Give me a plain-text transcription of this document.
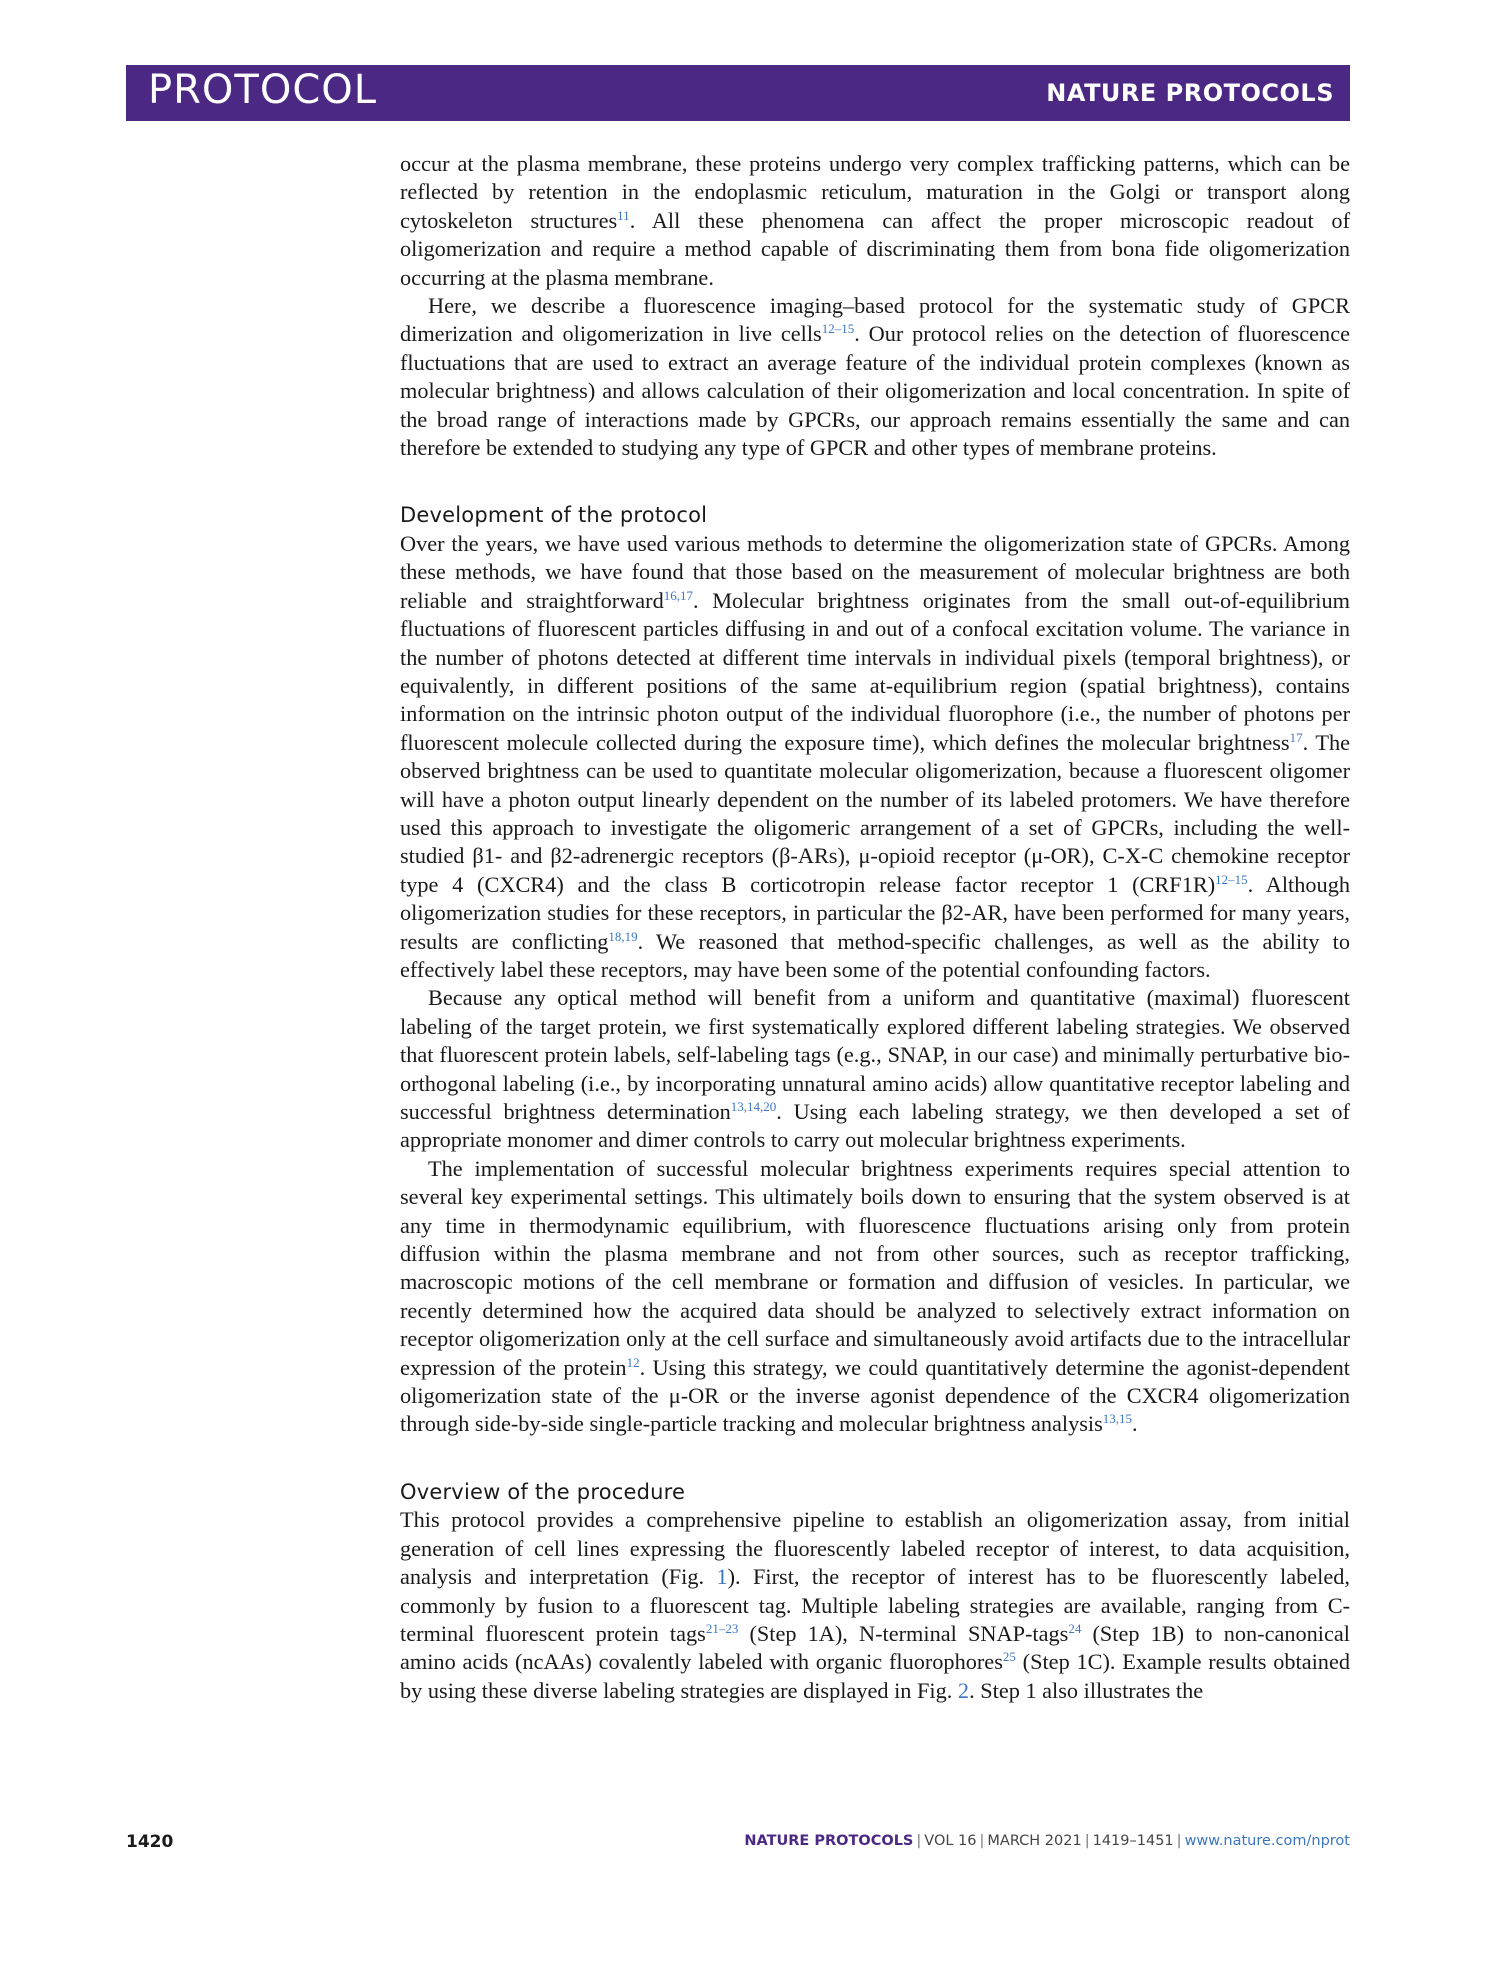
PROTOCOL	NATURE PROTOCOLS

occur at the plasma membrane, these proteins undergo very complex trafficking patterns, which can be reflected by retention in the endoplasmic reticulum, maturation in the Golgi or transport along cytoskeleton structures$^{11}$. All these phenomena can affect the proper microscopic readout of oligomerization and require a method capable of discriminating them from bona fide oligomerization occurring at the plasma membrane.

Here, we describe a fluorescence imaging–based protocol for the systematic study of GPCR dimerization and oligomerization in live cells$^{12-15}$. Our protocol relies on the detection of fluorescence fluctuations that are used to extract an average feature of the individual protein complexes (known as molecular brightness) and allows calculation of their oligomerization and local concentration. In spite of the broad range of interactions made by GPCRs, our approach remains essentially the same and can therefore be extended to studying any type of GPCR and other types of membrane proteins.

Development of the protocol

Over the years, we have used various methods to determine the oligomerization state of GPCRs. Among these methods, we have found that those based on the measurement of molecular brightness are both reliable and straightforward$^{16,17}$. Molecular brightness originates from the small out-of-equilibrium fluctuations of fluorescent particles diffusing in and out of a confocal excitation volume. The variance in the number of photons detected at different time intervals in individual pixels (temporal brightness), or equivalently, in different positions of the same at-equilibrium region (spatial brightness), contains information on the intrinsic photon output of the individual fluorophore (i.e., the number of photons per fluorescent molecule collected during the exposure time), which defines the molecular brightness$^{17}$. The observed brightness can be used to quantitate molecular oligomerization, because a fluorescent oligomer will have a photon output linearly dependent on the number of its labeled protomers. We have therefore used this approach to investigate the oligomeric arrangement of a set of GPCRs, including the well-studied β1- and β2-adrenergic receptors (β-ARs), μ-opioid receptor (μ-OR), C-X-C chemokine receptor type 4 (CXCR4) and the class B corticotropin release factor receptor 1 (CRF1R)$^{12-15}$. Although oligomerization studies for these receptors, in particular the β2-AR, have been performed for many years, results are conflicting$^{18,19}$. We reasoned that method-specific challenges, as well as the ability to effectively label these receptors, may have been some of the potential confounding factors.

Because any optical method will benefit from a uniform and quantitative (maximal) fluorescent labeling of the target protein, we first systematically explored different labeling strategies. We observed that fluorescent protein labels, self-labeling tags (e.g., SNAP, in our case) and minimally perturbative bio-orthogonal labeling (i.e., by incorporating unnatural amino acids) allow quantitative receptor labeling and successful brightness determination$^{13,14,20}$. Using each labeling strategy, we then developed a set of appropriate monomer and dimer controls to carry out molecular brightness experiments.

The implementation of successful molecular brightness experiments requires special attention to several key experimental settings. This ultimately boils down to ensuring that the system observed is at any time in thermodynamic equilibrium, with fluorescence fluctuations arising only from protein diffusion within the plasma membrane and not from other sources, such as receptor trafficking, macroscopic motions of the cell membrane or formation and diffusion of vesicles. In particular, we recently determined how the acquired data should be analyzed to selectively extract information on receptor oligomerization only at the cell surface and simultaneously avoid artifacts due to the intracellular expression of the protein$^{12}$. Using this strategy, we could quantitatively determine the agonist-dependent oligomerization state of the μ-OR or the inverse agonist dependence of the CXCR4 oligomerization through side-by-side single-particle tracking and molecular brightness analysis$^{13,15}$.

Overview of the procedure

This protocol provides a comprehensive pipeline to establish an oligomerization assay, from initial generation of cell lines expressing the fluorescently labeled receptor of interest, to data acquisition, analysis and interpretation (Fig. 1). First, the receptor of interest has to be fluorescently labeled, commonly by fusion to a fluorescent tag. Multiple labeling strategies are available, ranging from C-terminal fluorescent protein tags$^{21-23}$ (Step 1A), N-terminal SNAP-tags$^{24}$ (Step 1B) to non-canonical amino acids (ncAAs) covalently labeled with organic fluorophores$^{25}$ (Step 1C). Example results obtained by using these diverse labeling strategies are displayed in Fig. 2. Step 1 also illustrates the

1420	NATURE PROTOCOLS | VOL 16 | MARCH 2021 | 1419–1451 | www.nature.com/nprot
